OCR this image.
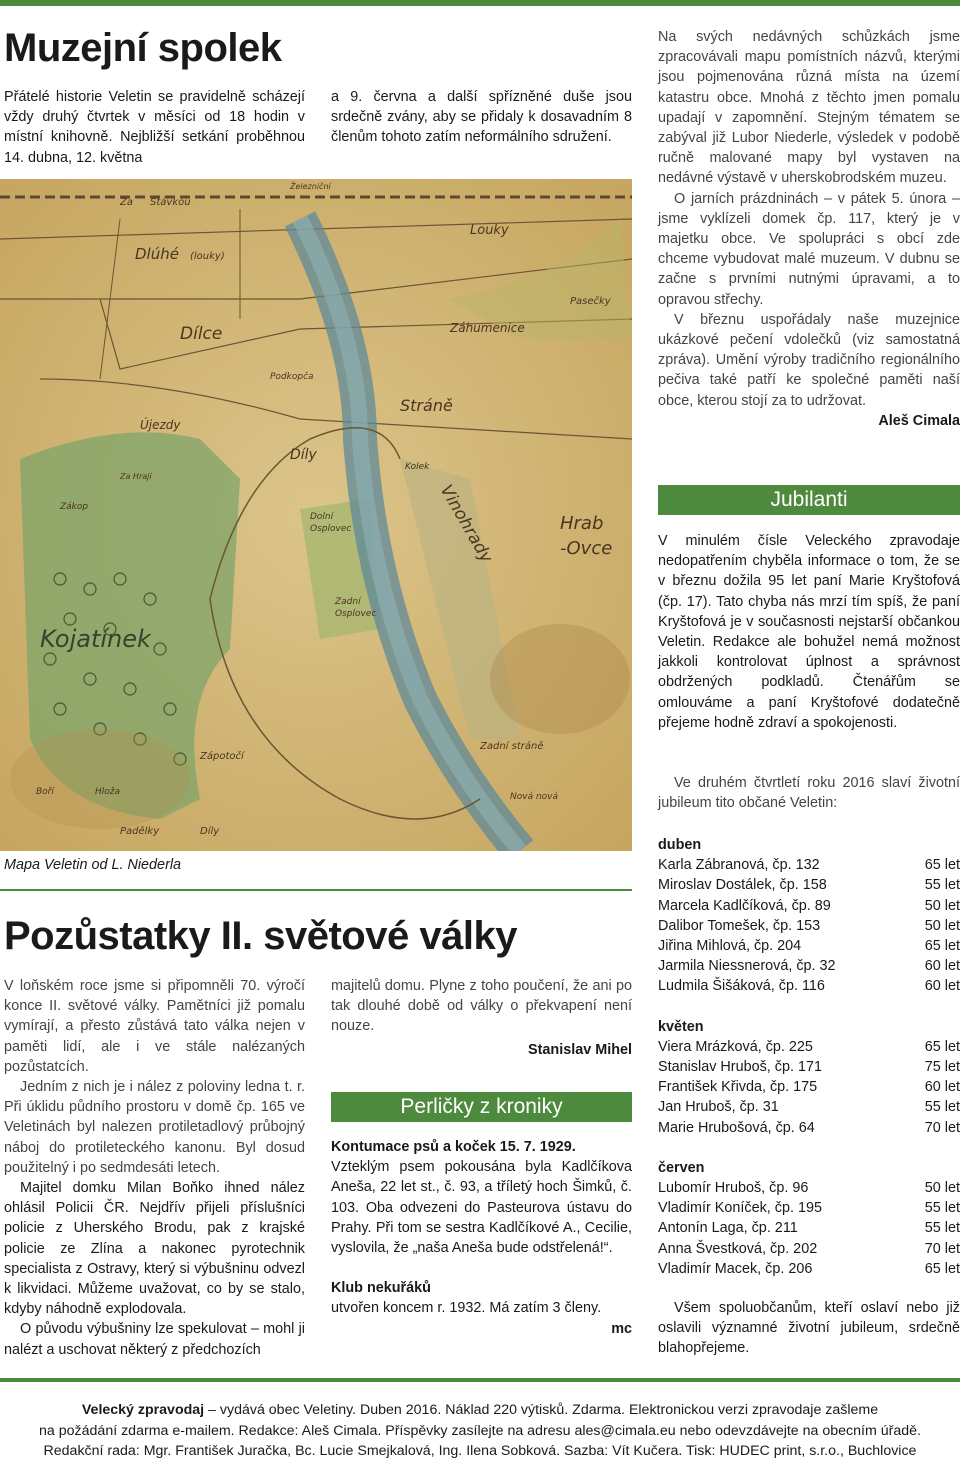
Muzejní spolek

Přátelé historie Veletin se pravidelně scházejí vždy druhý čtvrtek v měsíci od 18 hodin v místní knihovně. Nejbližší setkání proběhnou 14. dubna, 12. května

a 9. června a další spřízněné duše jsou srdečně zvány, aby se přidaly k dosavadním 8 členům tohoto zatím neformálního sdružení.

Na svých nedávných schůzkách jsme zpracovávali mapu pomístních názvů, kterými jsou pojmenována různá místa na území katastru obce. Mnohá z těchto jmen pomalu upadají v zapomnění. Stejným tématem se zabýval již Lubor Niederle, výsledek v podobě ručně malované mapy byl vystaven na nedávné výstavě v uherskobrodském muzeu.

O jarních prázdninách – v pátek 5. února – jsme vyklízeli domek čp. 117, který je v majetku obce. Ve spolupráci s obcí zde chceme vybudovat malé muzeum. V dubnu se začne s prvními nutnými úpravami, a to opravou střechy.

V březnu uspořádaly naše muzejnice ukázkové pečení vdolečků (viz samostatná zpráva). Umění výroby tradičního regionálního pečiva také patří ke společné paměti naší obce, kterou stojí za to udržovat.

Aleš Cimala
Za Stávkou
Železniční
Dlúhé (louky)
Dílce
Podkopča
Újezdy
Stráně
Díly
Kolek
Vinohrady
Louky
Pasečky
Záhumenice
Hrab
-Ovce
Kojatínek
Zápotočí
Zadní stráně
Nová nová
Boří	Hloža
Padělky	Díly
Dolní
Osplovec
Zadní
Osplovec
Za Hrají
Zákop
Mapa Veletin od L. Niederla
Jubilanti

V minulém čísle Veleckého zpravodaje nedopatřením chyběla informace o tom, že se v březnu dožila 95 let paní Marie Kryštofová (čp. 17). Tato chyba nás mrzí tím spíš, že paní Kryštofová je v současnosti nejstarší občankou Veletin. Redakce ale bohužel nemá možnost jakkoli kontrolovat úplnost a správnost obdržených podkladů. Čtenářům se omlouváme a paní Kryštofové dodatečně přejeme hodně zdraví a spokojenosti.

Ve druhém čtvrtletí roku 2016 slaví životní jubileum tito občané Veletin:

duben
Karla Zábranová, čp. 132	65 let
Miroslav Dostálek, čp. 158	55 let
Marcela Kadlčíková, čp. 89	50 let
Dalibor Tomešek, čp. 153	50 let
Jiřina Mihlová, čp. 204	65 let
Jarmila Niessnerová, čp. 32	60 let
Ludmila Šišáková, čp. 116	60 let
květen
Viera Mrázková, čp. 225	65 let
Stanislav Hruboš, čp. 171	75 let
František Křivda, čp. 175	60 let
Jan Hruboš, čp. 31	55 let
Marie Hrubošová, čp. 64	70 let
červen
Lubomír Hruboš, čp. 96	50 let
Vladimír Koníček, čp. 195	55 let
Antonín Laga, čp. 211	55 let
Anna Švestková, čp. 202	70 let
Vladimír Macek, čp. 206	65 let

Všem spoluobčanům, kteří oslaví nebo již oslavili významné životní jubileum, srdečně blahopřejeme.

Pozůstatky II. světové války

V loňském roce jsme si připomněli 70. výročí konce II. světové války. Pamětníci již pomalu vymírají, a přesto zůstává tato válka nejen v paměti lidí, ale i ve stále nalézaných pozůstatcích.

Jedním z nich je i nález z poloviny ledna t. r. Při úklidu půdního prostoru v domě čp. 165 ve Veletinách byl nalezen protiletadlový průbojný náboj do protileteckého kanonu. Byl dosud použitelný i po sedmdesáti letech.

Majitel domku Milan Boňko ihned nález ohlásil Policii ČR. Nejdřív přijeli příslušníci policie z Uherského Brodu, pak z krajské policie ze Zlína a nakonec pyrotechnik specialista z Ostravy, který si výbušninu odvezl k likvidaci. Můžeme uvažovat, co by se stalo, kdyby náhodně explodovala.

O původu výbušniny lze spekulovat – mohl ji nalézt a uschovat některý z předchozích

majitelů domu. Plyne z toho poučení, že ani po tak dlouhé době od války o překvapení není nouze.

Stanislav Mihel
Perličky z kroniky
Kontumace psů a koček 15. 7. 1929.

Vzteklým psem pokousána byla Kadlčíkova Aneša, 22 let st., č. 93, a tříletý hoch Šimků, č. 103. Oba odvezeni do Pasteurova ústavu do Prahy. Při tom se sestra Kadlčíkové A., Cecilie, vyslovila, že „naša Aneša bude odstřelená!“.

Klub nekuřáků

utvořen koncem r. 1932. Má zatím 3 členy.

mc
Velecký zpravodaj – vydává obec Veletiny. Duben 2016. Náklad 220 výtisků. Zdarma. Elektronickou verzi zpravodaje zašleme
na požádání zdarma e-mailem. Redakce: Aleš Cimala. Příspěvky zasílejte na adresu ales@cimala.eu nebo odevzdávejte na obecním úřadě.
Redakční rada: Mgr. František Juračka, Bc. Lucie Smejkalová, Ing. Ilena Sobková. Sazba: Vít Kučera. Tisk: HUDEC print, s.r.o., Buchlovice
